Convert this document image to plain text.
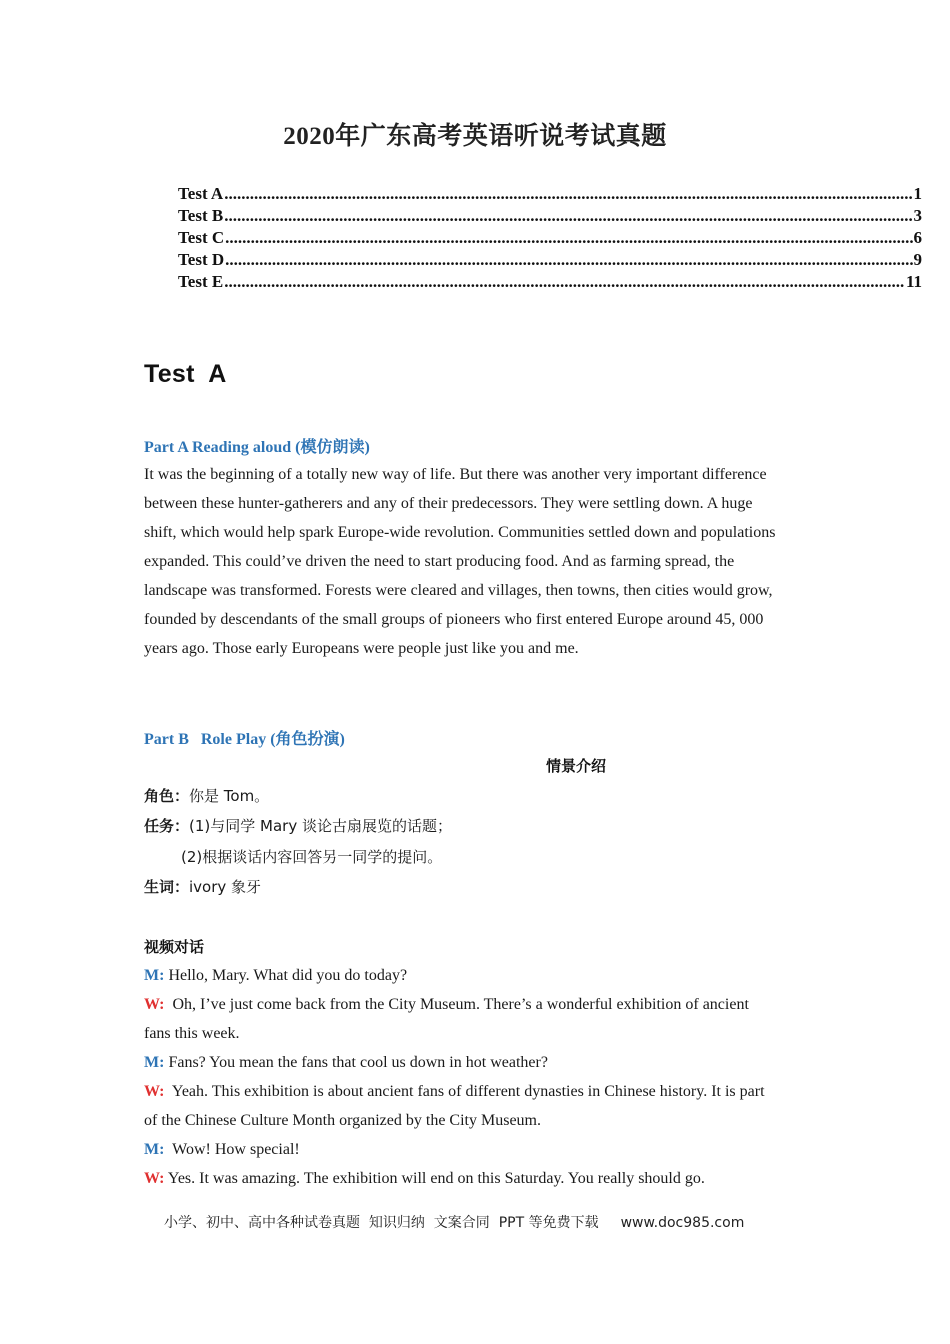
2020年广东高考英语听说考试真题
Test A .....	1
Test B .....	3
Test C .....	6
Test D .....	9
Test E .....	11
Test  A
Part A Reading aloud (模仿朗读)

It was the beginning of a totally new way of life. But there was another very important difference

between these hunter-gatherers and any of their predecessors. They were settling down. A huge

shift, which would help spark Europe-wide revolution. Communities settled down and populations

expanded. This could’ve driven the need to start producing food. And as farming spread, the

landscape was transformed. Forests were cleared and villages, then towns, then cities would grow,

founded by descendants of the small groups of pioneers who first entered Europe around 45, 000

years ago. Those early Europeans were people just like you and me.

Part B   Role Play (角色扮演)
情景介绍
角色：你是 Tom。
任务：(1)与同学 Mary 谈论古扇展览的话题；
(2)根据谈话内容回答另一同学的提问。
生词：ivory 象牙
视频对话

M: Hello, Mary. What did you do today?

W:  Oh, I’ve just come back from the City Museum. There’s a wonderful exhibition of ancient

fans this week.

M: Fans? You mean the fans that cool us down in hot weather?

W:  Yeah. This exhibition is about ancient fans of different dynasties in Chinese history. It is part

of the Chinese Culture Month organized by the City Museum.

M:  Wow! How special!

W: Yes. It was amazing. The exhibition will end on this Saturday. You really should go.

小学、初中、高中各种试卷真题  知识归纳  文案合同  PPT 等免费下载 www.doc985.com
